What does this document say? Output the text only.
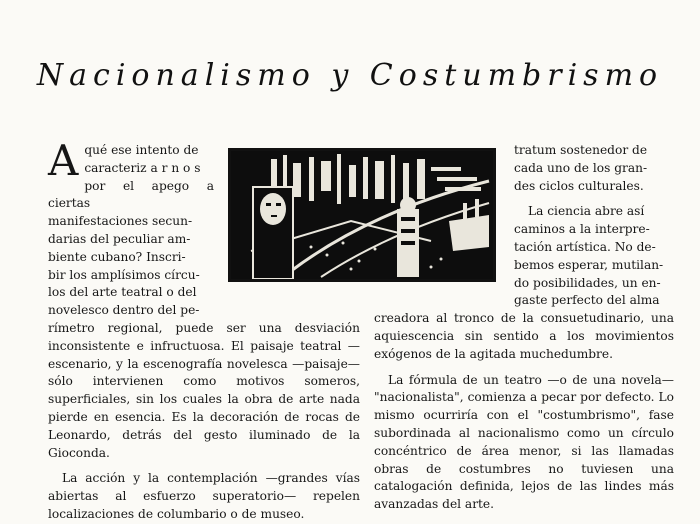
Nacionalismo y Costumbrismo
A qué ese intento de
caracteriz a r n o s
por el apego a ciertas
manifestaciones secun-
darias del peculiar am-
biente cubano? Inscri-
bir los amplísimos círcu-
los del arte teatral o del
novelesco dentro del pe-

rímetro regional, puede ser una desviación inconsistente e infructuosa. El paisaje teatral —escenario, y la escenografía novelesca —paisaje— sólo intervienen como motivos someros, superficiales, sin los cuales la obra de arte nada pierde en esencia. Es la decoración de rocas de Leonardo, detrás del gesto iluminado de la Gioconda.

La acción y la contemplación —grandes vías abiertas al esfuerzo superatorio— repelen localizaciones de columbario o de museo.

tratum sostenedor de
cada uno de los gran-
des ciclos culturales.
La ciencia abre así
caminos a la interpre-
tación artística. No de-
bemos esperar, mutilan-
do posibilidades, un en-
gaste perfecto del alma

creadora al tronco de la consuetudinario, una aquiescencia sin sentido a los movimientos exógenos de la agitada muchedumbre.

La fórmula de un teatro —o de una novela— "nacionalista", comienza a pecar por defecto. Lo mismo ocurriría con el "costumbrismo", fase subordinada al nacionalismo como un círculo concéntrico de área menor, si las llamadas obras de costumbres no tuviesen una catalogación definida, lejos de las lindes más avanzadas del arte.
